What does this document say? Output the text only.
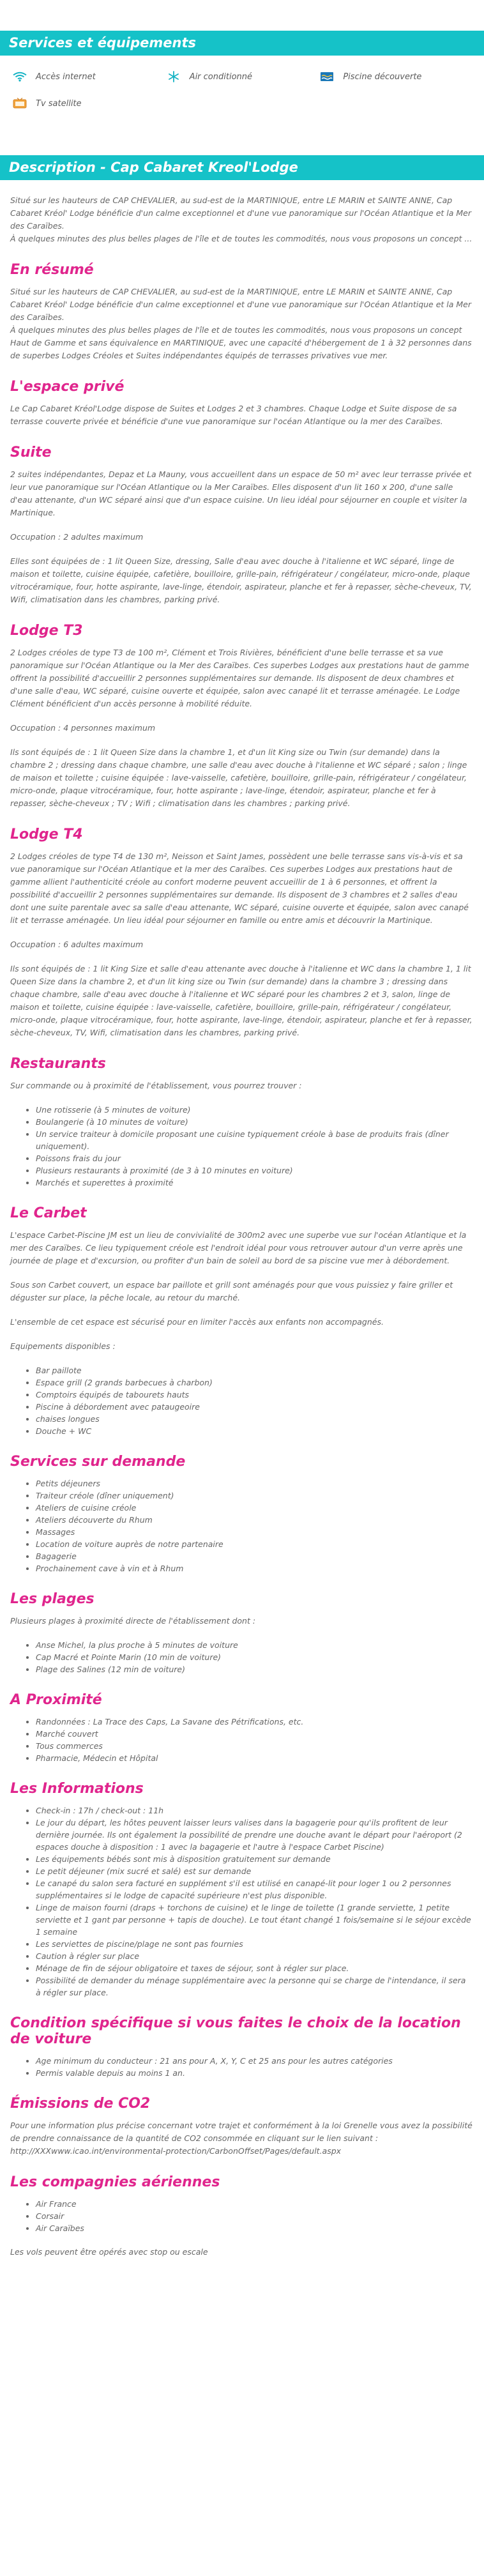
Services et équipements
Accès internet	Air conditionné	Piscine découverte
Tv satellite
Description - Cap Cabaret Kreol'Lodge

Situé sur les hauteurs de CAP CHEVALIER, au sud-est de la MARTINIQUE, entre LE MARIN et SAINTE ANNE, Cap Cabaret Kréol' Lodge bénéficie d'un calme exceptionnel et d'une vue panoramique sur l'Océan Atlantique et la Mer des Caraïbes.
À quelques minutes des plus belles plages de l'île et de toutes les commodités, nous vous proposons un concept ...

En résumé

Situé sur les hauteurs de CAP CHEVALIER, au sud-est de la MARTINIQUE, entre LE MARIN et SAINTE ANNE, Cap Cabaret Kréol' Lodge bénéficie d'un calme exceptionnel et d'une vue panoramique sur l'Océan Atlantique et la Mer des Caraïbes.
À quelques minutes des plus belles plages de l'île et de toutes les commodités, nous vous proposons un concept Haut de Gamme et sans équivalence en MARTINIQUE, avec une capacité d'hébergement de 1 à 32 personnes dans de superbes Lodges Créoles et Suites indépendantes équipés de terrasses privatives vue mer.

L'espace privé

Le Cap Cabaret Kréol'Lodge dispose de Suites et Lodges 2 et 3 chambres. Chaque Lodge et Suite dispose de sa terrasse couverte privée et bénéficie d'une vue panoramique sur l'océan Atlantique ou la mer des Caraïbes.

Suite

2 suites indépendantes, Depaz et La Mauny, vous accueillent dans un espace de 50 m² avec leur terrasse privée et leur vue panoramique sur l'Océan Atlantique ou la Mer Caraïbes. Elles disposent d'un lit 160 x 200, d'une salle d'eau attenante, d'un WC séparé ainsi que d'un espace cuisine. Un lieu idéal pour séjourner en couple et visiter la Martinique.

Occupation : 2 adultes maximum

Elles sont équipées de : 1 lit Queen Size, dressing, Salle d'eau avec douche à l'italienne et WC séparé, linge de maison et toilette, cuisine équipée, cafetière, bouilloire, grille-pain, réfrigérateur / congélateur, micro-onde, plaque vitrocéramique, four, hotte aspirante, lave-linge, étendoir, aspirateur, planche et fer à repasser, sèche-cheveux, TV, Wifi, climatisation dans les chambres, parking privé.

Lodge T3

2 Lodges créoles de type T3 de 100 m², Clément et Trois Rivières, bénéficient d'une belle terrasse et sa vue panoramique sur l'Océan Atlantique ou la Mer des Caraïbes. Ces superbes Lodges aux prestations haut de gamme offrent la possibilité d'accueillir 2 personnes supplémentaires sur demande. Ils disposent de deux chambres et d'une salle d'eau, WC séparé, cuisine ouverte et équipée, salon avec canapé lit et terrasse aménagée. Le Lodge Clément bénéficient d'un accès personne à mobilité réduite.

Occupation : 4 personnes maximum

Ils sont équipés de : 1 lit Queen Size dans la chambre 1, et d'un lit King size ou Twin (sur demande) dans la chambre 2 ; dressing dans chaque chambre, une salle d'eau avec douche à l'italienne et WC séparé ; salon ; linge de maison et toilette ; cuisine équipée : lave-vaisselle, cafetière, bouilloire, grille-pain, réfrigérateur / congélateur, micro-onde, plaque vitrocéramique, four, hotte aspirante ; lave-linge, étendoir, aspirateur, planche et fer à repasser, sèche-cheveux ; TV ; Wifi ; climatisation dans les chambres ; parking privé.

Lodge T4

2 Lodges créoles de type T4 de 130 m², Neisson et Saint James, possèdent une belle terrasse sans vis-à-vis et sa vue panoramique sur l'Océan Atlantique et la mer des Caraïbes. Ces superbes Lodges aux prestations haut de gamme allient l'authenticité créole au confort moderne peuvent accueillir de 1 à 6 personnes, et offrent la possibilité d'accueillir 2 personnes supplémentaires sur demande. Ils disposent de 3 chambres et 2 salles d'eau dont une suite parentale avec sa salle d'eau attenante, WC séparé, cuisine ouverte et équipée, salon avec canapé lit et terrasse aménagée. Un lieu idéal pour séjourner en famille ou entre amis et découvrir la Martinique.

Occupation : 6 adultes maximum

Ils sont équipés de : 1 lit King Size et salle d'eau attenante avec douche à l'italienne et WC dans la chambre 1, 1 lit Queen Size dans la chambre 2, et d'un lit king size ou Twin (sur demande) dans la chambre 3 ; dressing dans chaque chambre, salle d'eau avec douche à l'italienne et WC séparé pour les chambres 2 et 3, salon, linge de maison et toilette, cuisine équipée : lave-vaisselle, cafetière, bouilloire, grille-pain, réfrigérateur / congélateur, micro-onde, plaque vitrocéramique, four, hotte aspirante, lave-linge, étendoir, aspirateur, planche et fer à repasser, sèche-cheveux, TV, Wifi, climatisation dans les chambres, parking privé.

Restaurants

Sur commande ou à proximité de l'établissement, vous pourrez trouver :

• Une rotisserie (à 5 minutes de voiture)
• Boulangerie (à 10 minutes de voiture)
• Un service traiteur à domicile proposant une cuisine typiquement créole à base de produits frais (dîner uniquement).
• Poissons frais du jour
• Plusieurs restaurants à proximité (de 3 à 10 minutes en voiture)
• Marchés et superettes à proximité
Le Carbet

L'espace Carbet-Piscine JM est un lieu de convivialité de 300m2 avec une superbe vue sur l'océan Atlantique et la mer des Caraïbes. Ce lieu typiquement créole est l'endroit idéal pour vous retrouver autour d'un verre après une journée de plage et d'excursion, ou profiter d'un bain de soleil au bord de sa piscine vue mer à débordement.

Sous son Carbet couvert, un espace bar paillote et grill sont aménagés pour que vous puissiez y faire griller et déguster sur place, la pêche locale, au retour du marché.

L'ensemble de cet espace est sécurisé pour en limiter l'accès aux enfants non accompagnés.

Equipements disponibles :

• Bar paillote
• Espace grill (2 grands barbecues à charbon)
• Comptoirs équipés de tabourets hauts
• Piscine à débordement avec pataugeoire
• chaises longues
• Douche + WC
Services sur demande
• Petits déjeuners
• Traiteur créole (dîner uniquement)
• Ateliers de cuisine créole
• Ateliers découverte du Rhum
• Massages
• Location de voiture auprès de notre partenaire
• Bagagerie
• Prochainement cave à vin et à Rhum
Les plages

Plusieurs plages à proximité directe de l'établissement dont :

• Anse Michel, la plus proche à 5 minutes de voiture
• Cap Macré et Pointe Marin (10 min de voiture)
• Plage des Salines (12 min de voiture)
A Proximité
• Randonnées : La Trace des Caps, La Savane des Pétrifications, etc.
• Marché couvert
• Tous commerces
• Pharmacie, Médecin et Hôpital
Les Informations
• Check-in : 17h / check-out : 11h
• Le jour du départ, les hôtes peuvent laisser leurs valises dans la bagagerie pour qu'ils profitent de leur dernière journée. Ils ont également la possibilité de prendre une douche avant le départ pour l'aéroport (2 espaces douche à disposition : 1 avec la bagagerie et l'autre à l'espace Carbet Piscine)
• Les équipements bébés sont mis à disposition gratuitement sur demande
• Le petit déjeuner (mix sucré et salé) est sur demande
• Le canapé du salon sera facturé en supplément s'il est utilisé en canapé-lit pour loger 1 ou 2 personnes supplémentaires si le lodge de capacité supérieure n'est plus disponible.
• Linge de maison fourni (draps + torchons de cuisine) et le linge de toilette (1 grande serviette, 1 petite serviette et 1 gant par personne + tapis de douche). Le tout étant changé 1 fois/semaine si le séjour excède 1 semaine
• Les serviettes de piscine/plage ne sont pas fournies
• Caution à régler sur place
• Ménage de fin de séjour obligatoire et taxes de séjour, sont à régler sur place.
• Possibilité de demander du ménage supplémentaire avec la personne qui se charge de l'intendance, il sera à régler sur place.
Condition spécifique si vous faites le choix de la location de voiture
• Age minimum du conducteur : 21 ans pour A, X, Y, C et 25 ans pour les autres catégories
• Permis valable depuis au moins 1 an.
Émissions de CO2

Pour une information plus précise concernant votre trajet et conformément à la loi Grenelle vous avez la possibilité de prendre connaissance de la quantité de CO2 consommée en cliquant sur le lien suivant : http://XXXwww.icao.int/environmental-protection/CarbonOffset/Pages/default.aspx

Les compagnies aériennes
• Air France
• Corsair
• Air Caraïbes

Les vols peuvent être opérés avec stop ou escale
